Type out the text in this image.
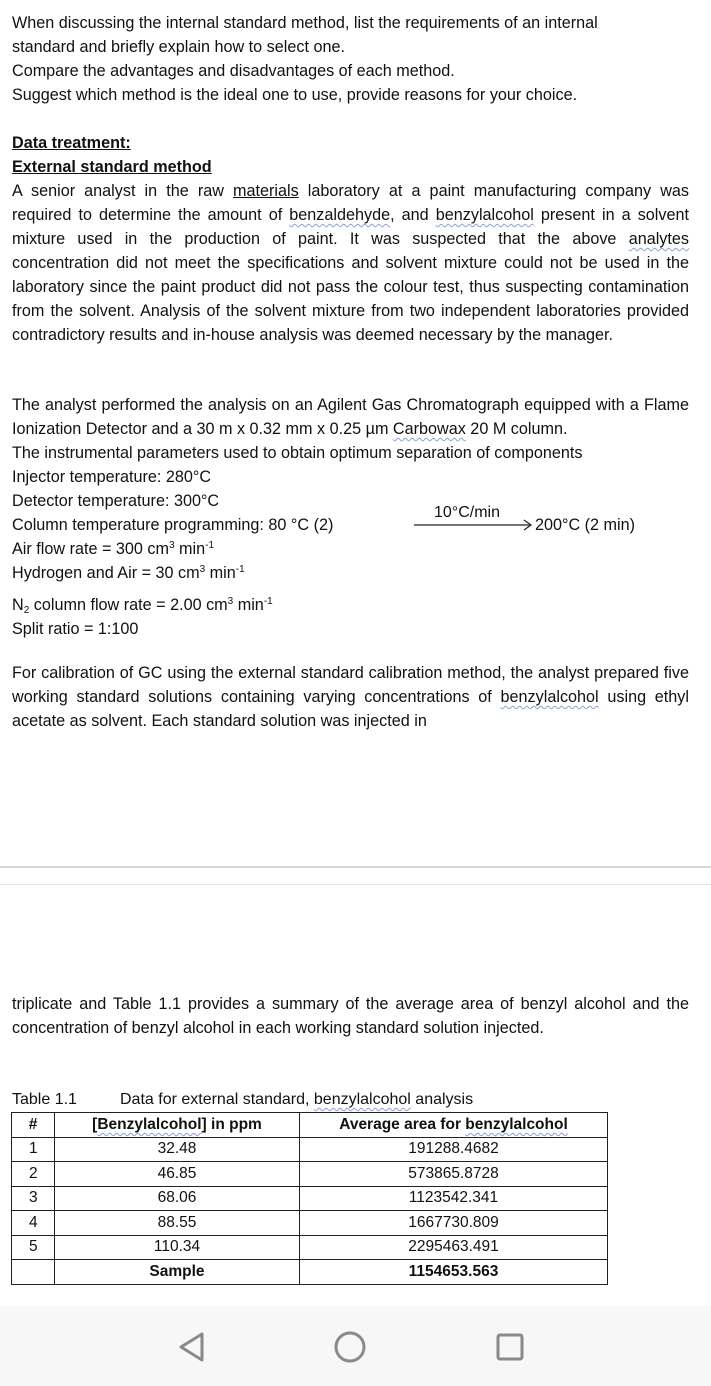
When discussing the internal standard method, list the requirements of an internal
standard and briefly explain how to select one.
Compare the advantages and disadvantages of each method.
Suggest which method is the ideal one to use, provide reasons for your choice.
Data treatment:
External standard method

A senior analyst in the raw materials laboratory at a paint manufacturing company was required to determine the amount of benzaldehyde, and benzylalcohol present in a solvent mixture used in the production of paint. It was suspected that the above analytes concentration did not meet the specifications and solvent mixture could not be used in the laboratory since the paint product did not pass the colour test, thus suspecting contamination from the solvent. Analysis of the solvent mixture from two independent laboratories provided contradictory results and in-house analysis was deemed necessary by the manager.

The analyst performed the analysis on an Agilent Gas Chromatograph equipped with a Flame Ionization Detector and a 30 m x 0.32 mm x 0.25 µm Carbowax 20 M column.

The instrumental parameters used to obtain optimum separation of components
Injector temperature: 280°C
Detector temperature: 300°C
Column temperature programming: 80 °C (2)
10°C/min
200°C (2 min)
Air flow rate = 300 $cm^3$ $\min^{-1}$
Hydrogen and Air = 30 $cm^3$ $\min^{-1}$
$N_2$ column flow rate = 2.00 $cm^3$ $\min^{-1}$
Split ratio = 1:100

For calibration of GC using the external standard calibration method, the analyst prepared five working standard solutions containing varying concentrations of benzylalcohol using ethyl acetate as solvent. Each standard solution was injected in

triplicate and Table 1.1 provides a summary of the average area of benzyl alcohol and the concentration of benzyl alcohol in each working standard solution injected.

Table 1.1	Data for external standard, benzylalcohol analysis
#	[Benzylalcohol] in ppm	Average area for benzylalcohol
1	32.48	191288.4682
2	46.85	573865.8728
3	68.06	1123542.341
4	88.55	1667730.809
5	110.34	2295463.491
	Sample	1154653.563
